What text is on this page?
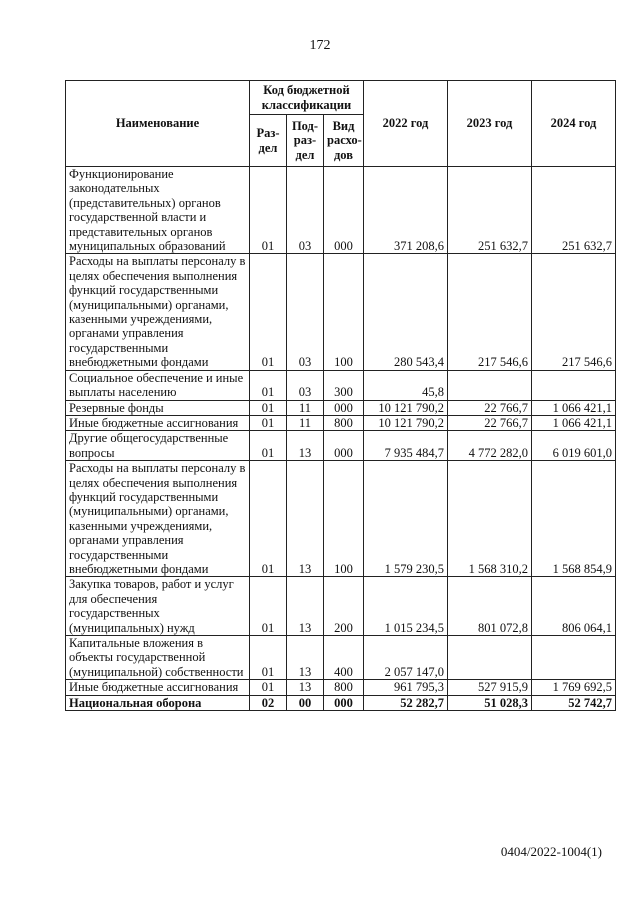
172
Наименование	Код бюджетной классификации			2022 год	2023 год	2024 год
	Раз- дел	Под- раз- дел	Вид расхо- дов			
Функционирование законодательных (представительных) органов государственной власти и представительных органов муниципальных образований	01	03	000	371 208,6	251 632,7	251 632,7
Расходы на выплаты персоналу в целях обеспечения выполнения функций государственными (муниципальными) органами, казенными учреждениями, органами управления государственными внебюджетными фондами	01	03	100	280 543,4	217 546,6	217 546,6
Социальное обеспечение и иные выплаты населению	01	03	300	45,8		
Резервные фонды	01	11	000	10 121 790,2	22 766,7	1 066 421,1
Иные бюджетные ассигнования	01	11	800	10 121 790,2	22 766,7	1 066 421,1
Другие общегосударственные вопросы	01	13	000	7 935 484,7	4 772 282,0	6 019 601,0
Расходы на выплаты персоналу в целях обеспечения выполнения функций государственными (муниципальными) органами, казенными учреждениями, органами управления государственными внебюджетными фондами	01	13	100	1 579 230,5	1 568 310,2	1 568 854,9
Закупка товаров, работ и услуг для обеспечения государственных (муниципальных) нужд	01	13	200	1 015 234,5	801 072,8	806 064,1
Капитальные вложения в объекты государственной (муниципальной) собственности	01	13	400	2 057 147,0		
Иные бюджетные ассигнования	01	13	800	961 795,3	527 915,9	1 769 692,5
Национальная оборона	02	00	000	52 282,7	51 028,3	52 742,7
0404/2022-1004(1)
